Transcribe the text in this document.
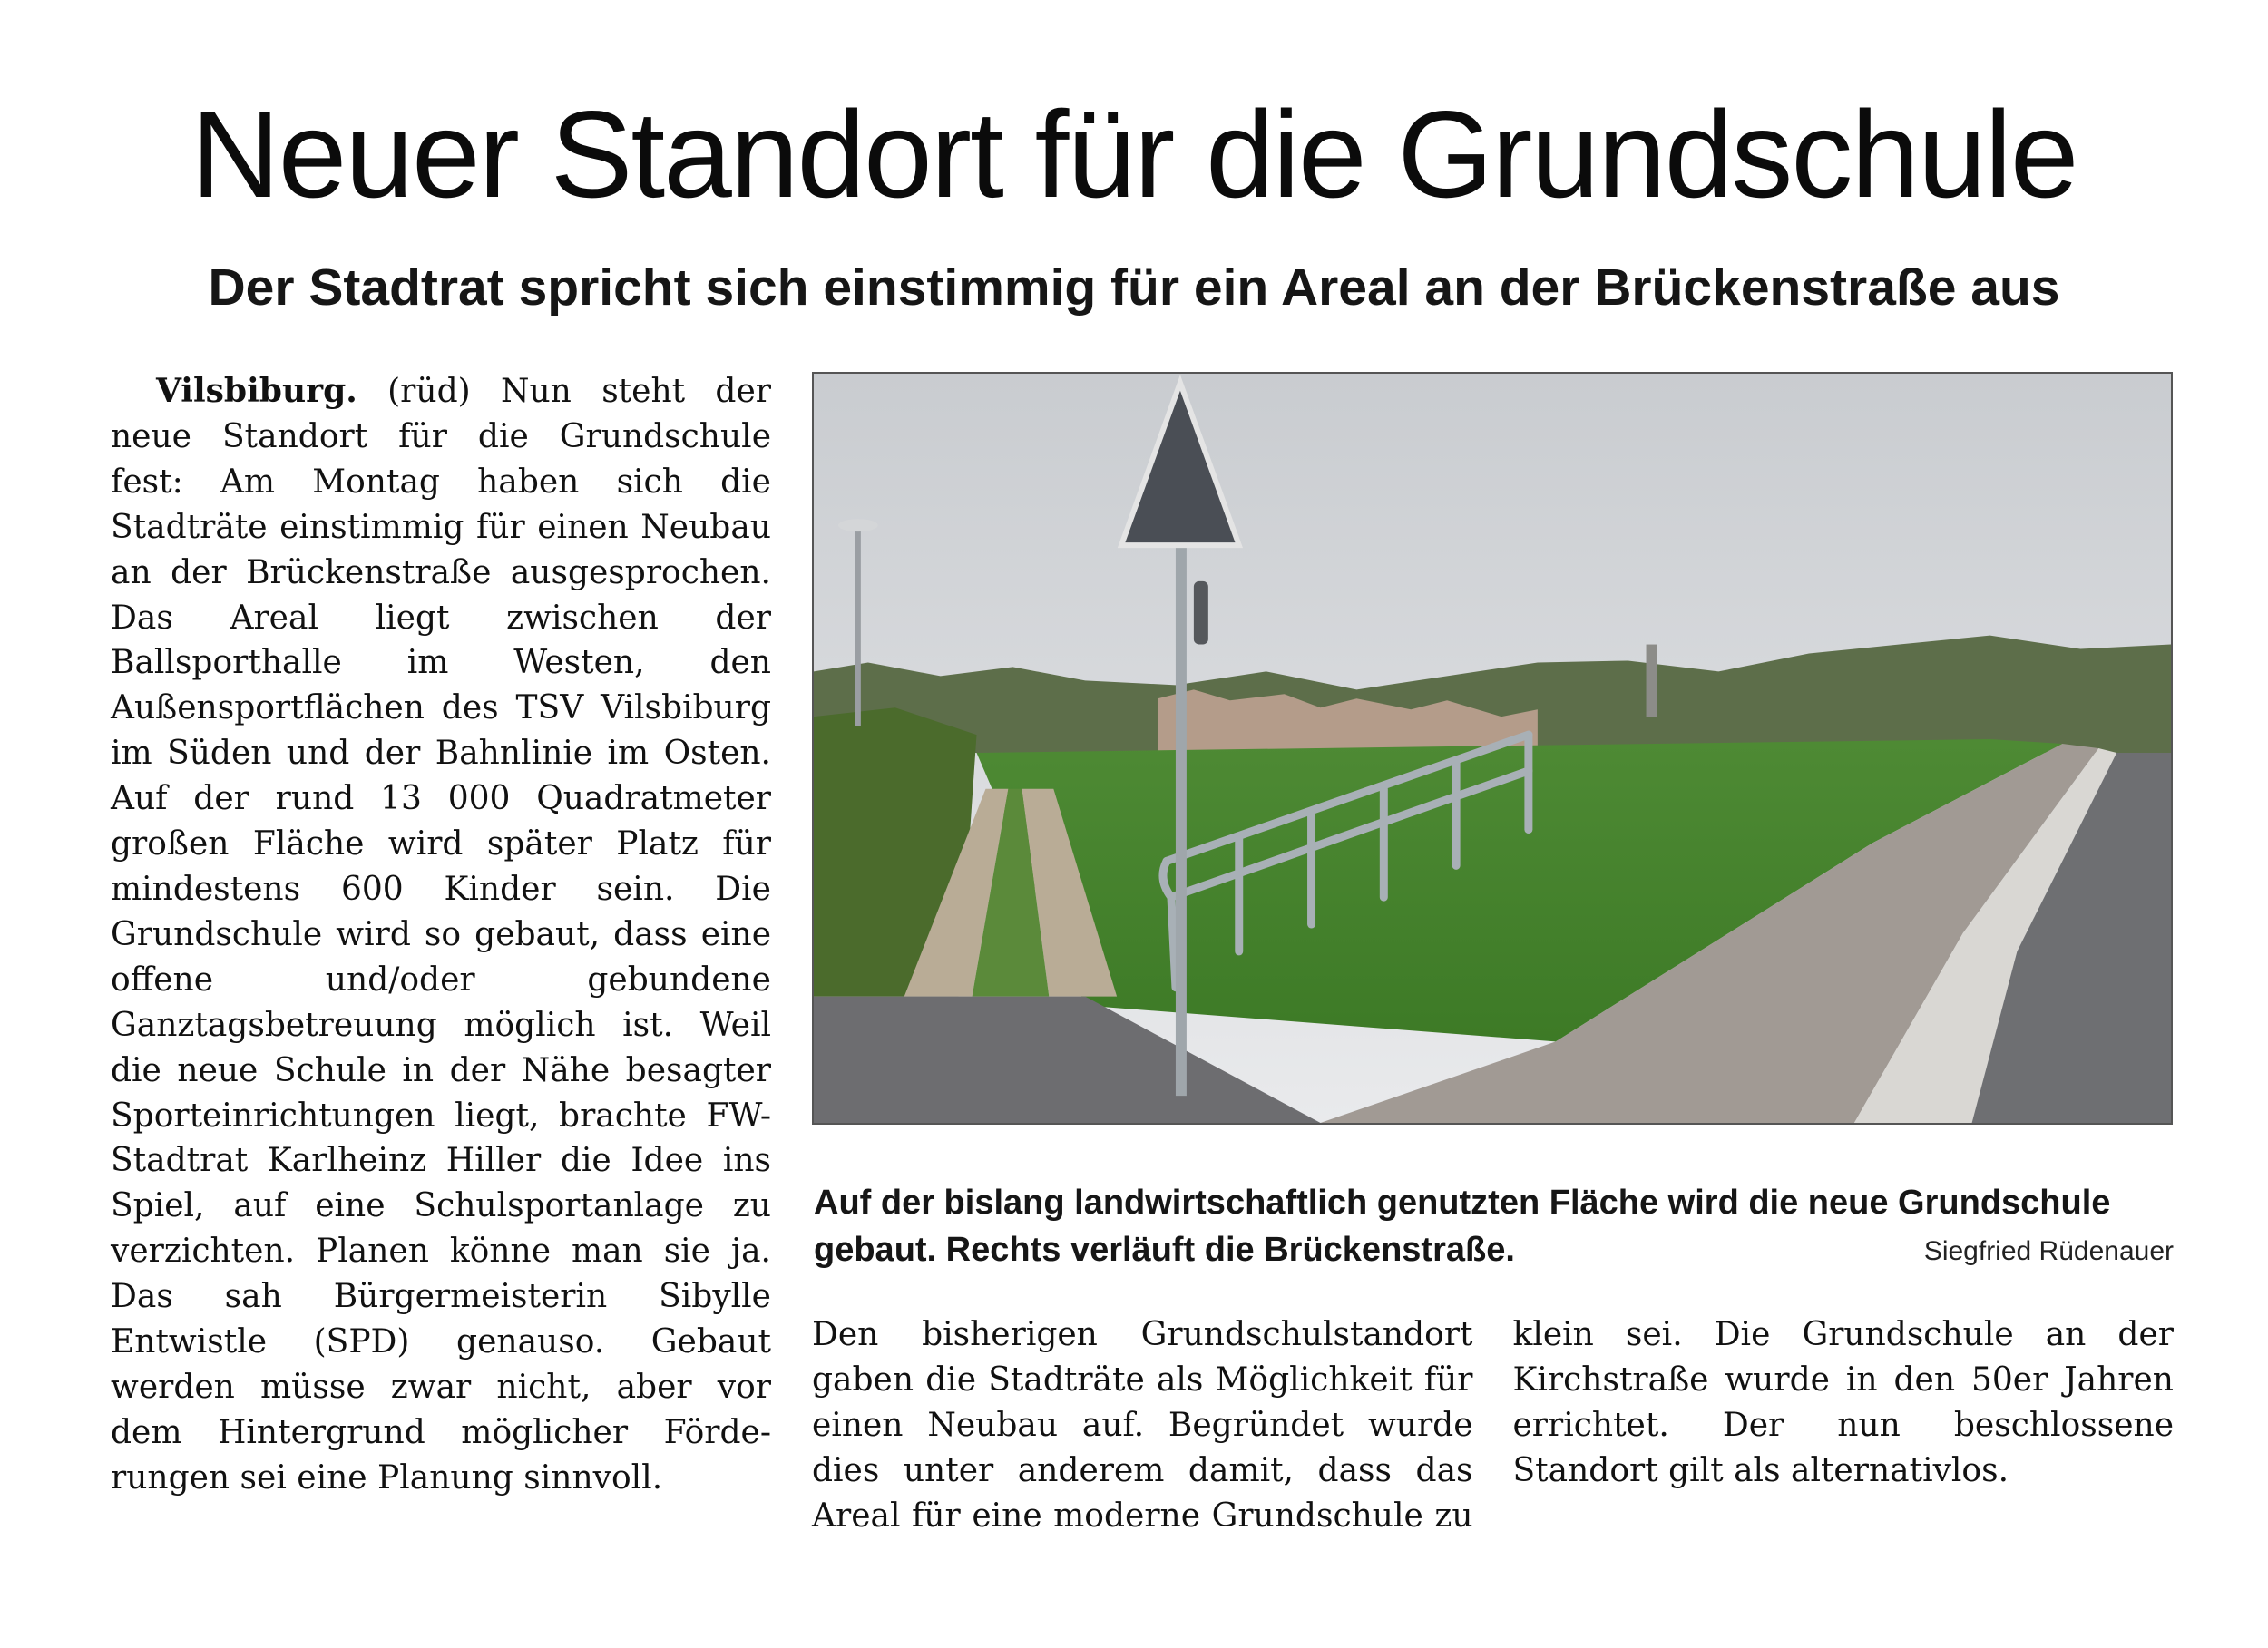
Neuer Standort für die Grundschule
Der Stadtrat spricht sich einstimmig für ein Areal an der Brückenstraße aus

Vilsbiburg. (rüd) Nun steht der neue Standort für die Grundschule fest: Am Montag haben sich die Stadträte einstimmig für einen Neubau an der Brückenstraße ausgesprochen. Das Areal liegt zwischen der Ballsporthalle im Westen, den Außensportflächen des TSV Vilsbiburg im Süden und der Bahnlinie im Osten. Auf der rund 13 000 Quadratmeter großen Fläche wird später Platz für mindestens 600 Kinder sein. Die Grundschule wird so gebaut, dass eine offene und/oder gebundene Ganztagsbetreuung möglich ist. Weil die neue Schule in der Nähe besagter Sporteinrichtungen liegt, brachte FW-Stadtrat Karlheinz Hiller die Idee ins Spiel, auf eine Schulsportanlage zu verzichten. Planen könne man sie ja. Das sah Bürgermeisterin Sibylle Entwistle (SPD) genauso. Gebaut werden müsse zwar nicht, aber vor dem Hintergrund möglicher Förderungen sei eine Planung sinnvoll.

Auf der bislang landwirtschaftlich genutzten Fläche wird die neue Grundschule
gebaut. Rechts verläuft die Brückenstraße.	Siegfried Rüdenauer
Den bisherigen Grundschulstandort gaben die Stadträte als Möglichkeit für einen Neubau auf. Begründet wurde dies unter anderem damit, dass das Areal für eine moderne Grundschule zu klein sei. Die Grundschule an der Kirchstraße wurde in den 50er Jahren errichtet. Der nun beschlossene Standort gilt als alternativlos.
